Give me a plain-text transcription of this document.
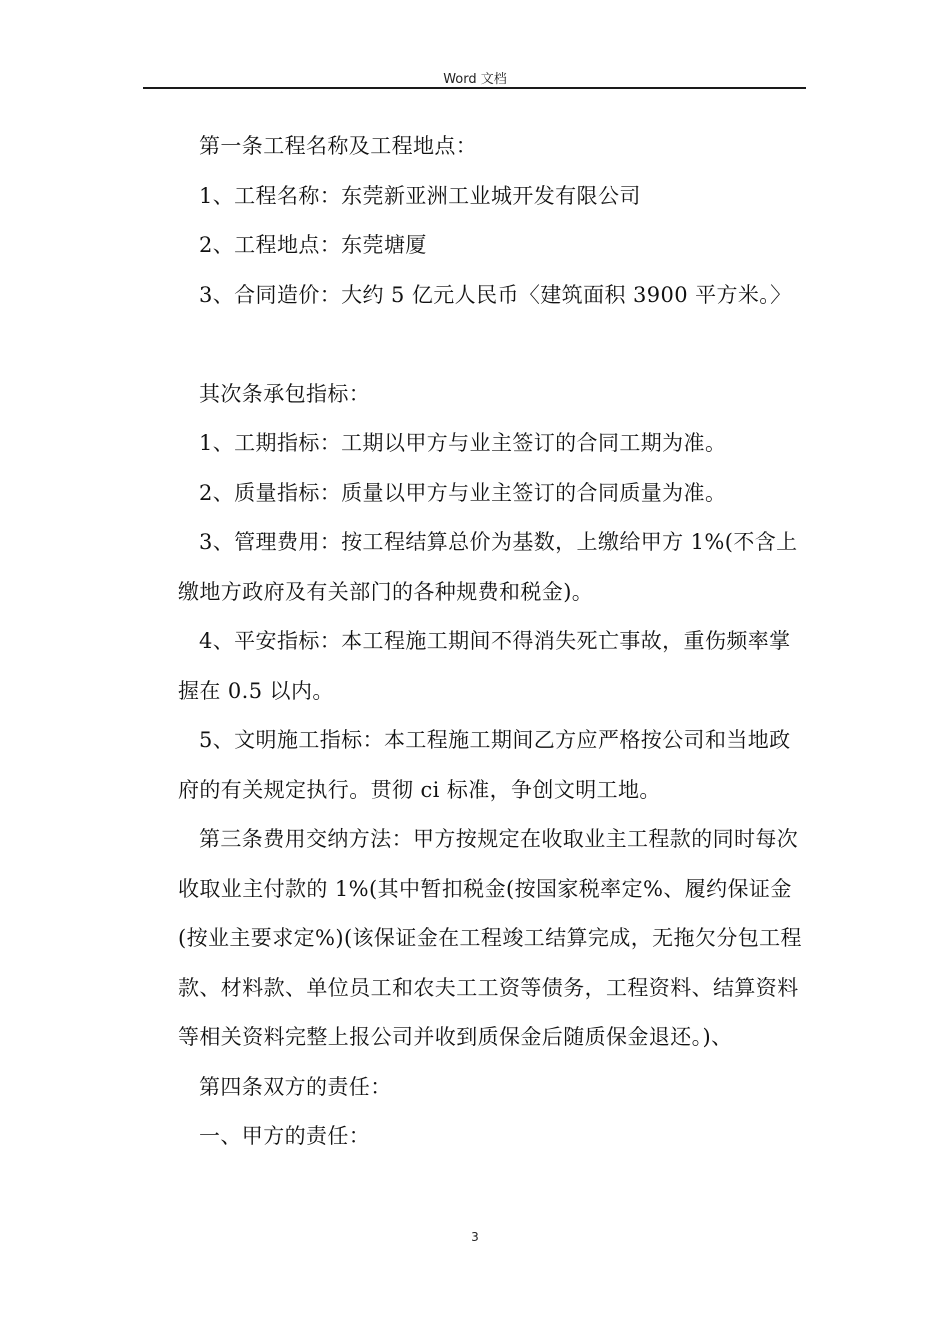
Word 文档

第一条工程名称及工程地点：

1、工程名称：东莞新亚洲工业城开发有限公司

2、工程地点：东莞塘厦

3、合同造价：大约 5 亿元人民币〈建筑面积 3900 平方米。〉

其次条承包指标：

1、工期指标：工期以甲方与业主签订的合同工期为准。

2、质量指标：质量以甲方与业主签订的合同质量为准。

3、管理费用：按工程结算总价为基数，上缴给甲方 1%(不含上缴地方政府及有关部门的各种规费和税金)。

4、平安指标：本工程施工期间不得消失死亡事故，重伤频率掌握在 0.5 以内。

5、文明施工指标：本工程施工期间乙方应严格按公司和当地政府的有关规定执行。贯彻 ci 标准，争创文明工地。

第三条费用交纳方法：甲方按规定在收取业主工程款的同时每次收取业主付款的 1%(其中暂扣税金(按国家税率定%、履约保证金(按业主要求定%)(该保证金在工程竣工结算完成，无拖欠分包工程款、材料款、单位员工和农夫工工资等债务，工程资料、结算资料等相关资料完整上报公司并收到质保金后随质保金退还。)、

第四条双方的责任：

一、甲方的责任：

3
